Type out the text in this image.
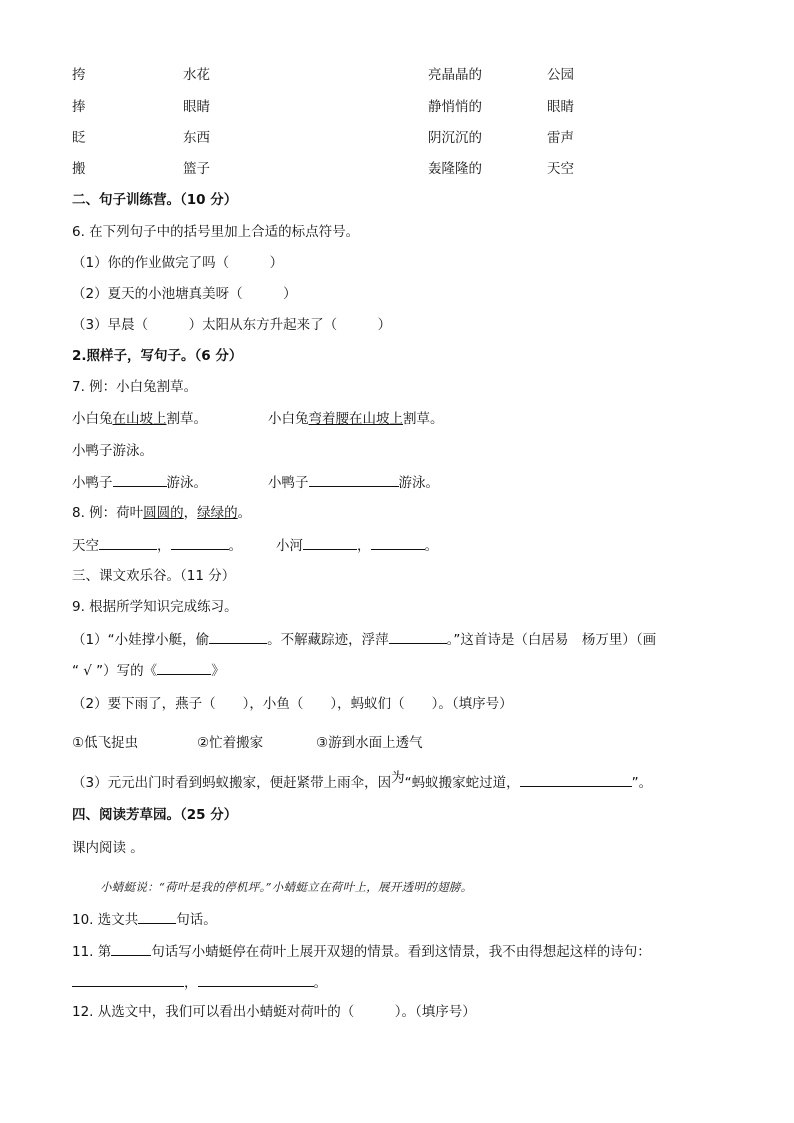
挎	水花	亮晶晶的	公园
捧	眼睛	静悄悄的	眼睛
眨	东西	阴沉沉的	雷声
搬	篮子	轰隆隆的	天空
二、句子训练营。（10 分）
6. 在下列句子中的括号里加上合适的标点符号。
（1）你的作业做完了吗（　　　）
（2）夏天的小池塘真美呀（　　　）
（3）早晨（　　　）太阳从东方升起来了（　　　）
2.照样子，写句子。（6 分）
7. 例：小白兔割草。
小白兔在山坡上割草。	小白兔弯着腰在山坡上割草。
小鸭子游泳。
小鸭子	游泳。	小鸭子	游泳。
8. 例：荷叶圆圆的，绿绿的。
天空	，	。	小河	，	。
三、课文欢乐谷。（11 分）
9. 根据所学知识完成练习。
（1）“小娃撑小艇，偷	。不解藏踪迹，浮萍	。”这首诗是（白居易　杨万里）（画
“ √ ”）写的《	》
（2）要下雨了，燕子（　　），小鱼（　　），蚂蚁们（　　）。（填序号）
①低飞捉虫	②忙着搬家	③游到水面上透气
（3）元元出门时看到蚂蚁搬家，便赶紧带上雨伞，因为“蚂蚁搬家蛇过道，	”。
四、阅读芳草园。（25 分）
课内阅读 。
小蜻蜓说：“荷叶是我的停机坪。”小蜻蜓立在荷叶上，展开透明的翅膀。
10. 选文共	句话。
11. 第	句话写小蜻蜓停在荷叶上展开双翅的情景。看到这情景，我不由得想起这样的诗句：
，	。
12. 从选文中，我们可以看出小蜻蜓对荷叶的（　　　）。（填序号）
